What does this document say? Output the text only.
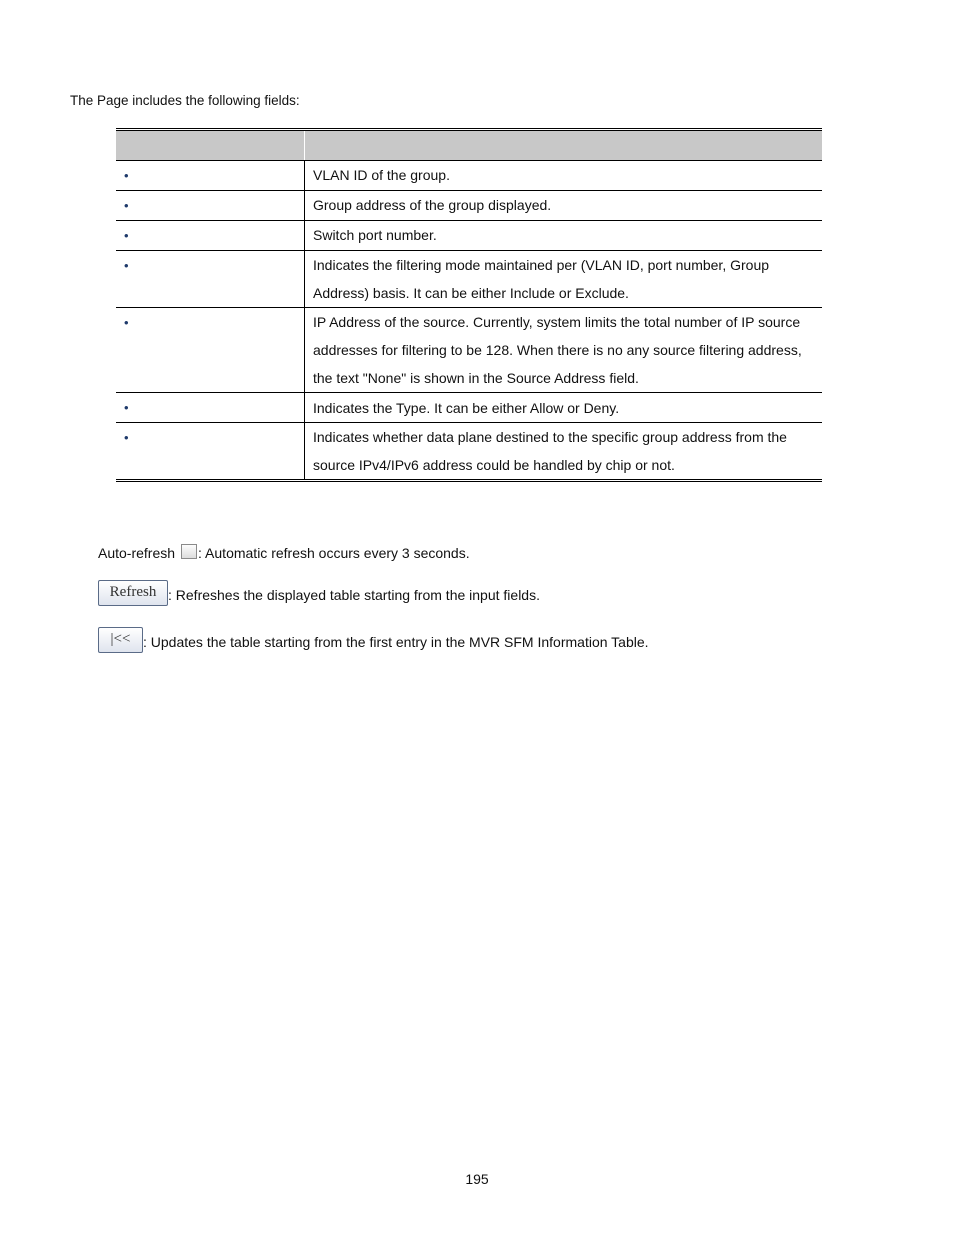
The Page includes the following fields:

•	VLAN ID of the group.
•	Group address of the group displayed.
•	Switch port number.
•	Indicates the filtering mode maintained per (VLAN ID, port number, Group
Address) basis. It can be either Include or Exclude.

•	IP Address of the source. Currently, system limits the total number of IP source
addresses for filtering to be 128. When there is no any source filtering address,
the text "None" is shown in the Source Address field.

•	Indicates the Type. It can be either Allow or Deny.
•	Indicates whether data plane destined to the specific group address from the
source IPv4/IPv6 address could be handled by chip or not.
Auto-refresh : Automatic refresh occurs every 3 seconds.
Refresh : Refreshes the displayed table starting from the input fields.
|<< : Updates the table starting from the first entry in the MVR SFM Information Table.
195
